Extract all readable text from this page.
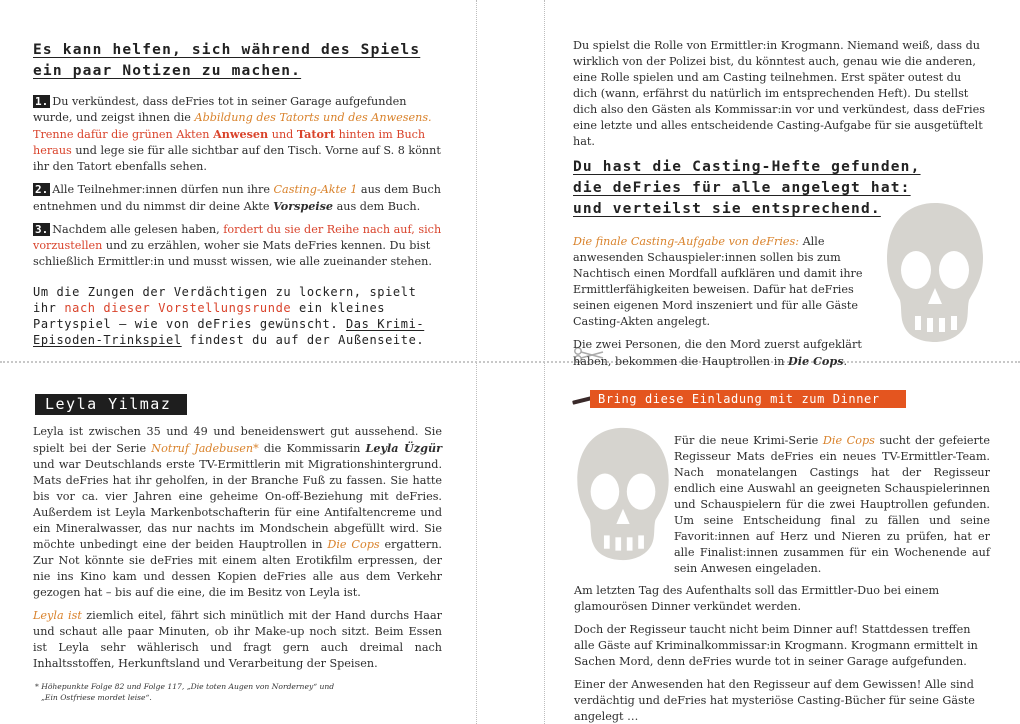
Es kann helfen, sich während des Spiels
ein paar Notizen zu machen.

1. Du verkündest, dass deFries tot in seiner Garage aufgefunden wurde, und zeigst ihnen die Abbildung des Tatorts und des Anwesens. Trenne dafür die grünen Akten Anwesen und Tatort hinten im Buch heraus und lege sie für alle sichtbar auf den Tisch. Vorne auf S. 8 könnt ihr den Tatort ebenfalls sehen.

2. Alle Teilnehmer:innen dürfen nun ihre Casting-Akte 1 aus dem Buch entnehmen und du nimmst dir deine Akte Vorspeise aus dem Buch.

3. Nachdem alle gelesen haben, fordert du sie der Reihe nach auf, sich vorzustellen und zu erzählen, woher sie Mats deFries kennen. Du bist schließlich Ermittler:in und musst wissen, wie alle zueinander stehen.

Um die Zungen der Verdächtigen zu lockern, spielt ihr nach dieser Vorstellungsrunde ein kleines Partyspiel – wie von deFries gewünscht. Das Krimi-Episoden-Trinkspiel findest du auf der Außenseite.

Du spielst die Rolle von Ermittler:in Krogmann. Niemand weiß, dass du wirklich von der Polizei bist, du könntest auch, genau wie die anderen, eine Rolle spielen und am Casting teilnehmen. Erst später outest du dich (wann, erfährst du natürlich im entsprechenden Heft). Du stellst dich also den Gästen als Kommissar:in vor und verkündest, dass deFries eine letzte und alles entscheidende Casting-Aufgabe für sie ausgetüftelt hat.

Du hast die Casting-Hefte gefunden,
die deFries für alle angelegt hat:
und verteilst sie entsprechend.

Die finale Casting-Aufgabe von deFries: Alle anwesenden Schauspieler:innen sollen bis zum Nachtisch einen Mordfall aufklären und damit ihre Ermittlerfähigkeiten beweisen. Dafür hat deFries seinen eigenen Mord inszeniert und für alle Gäste Casting-Akten angelegt.

Die zwei Personen, die den Mord zuerst aufgeklärt haben, bekommen die Hauptrollen in Die Cops.

Leyla Yilmaz

Leyla ist zwischen 35 und 49 und beneidenswert gut aussehend. Sie spielt bei der Serie Notruf Jadebusen* die Kommissarin Leyla Üzgür und war Deutschlands erste TV-Ermittlerin mit Migrationshintergrund. Mats deFries hat ihr geholfen, in der Branche Fuß zu fassen. Sie hatte bis vor ca. vier Jahren eine geheime On-off-Beziehung mit deFries. Außerdem ist Leyla Markenbotschafterin für eine Antifaltencreme und ein Mineralwasser, das nur nachts im Mondschein abgefüllt wird. Sie möchte unbedingt eine der beiden Hauptrollen in Die Cops ergattern. Zur Not könnte sie deFries mit einem alten Erotikfilm erpressen, der nie ins Kino kam und dessen Kopien deFries alle aus dem Verkehr gezogen hat – bis auf die eine, die im Besitz von Leyla ist.

Leyla ist ziemlich eitel, fährt sich minütlich mit der Hand durchs Haar und schaut alle paar Minuten, ob ihr Make-up noch sitzt. Beim Essen ist Leyla sehr wählerisch und fragt gern auch dreimal nach Inhaltsstoffen, Herkunftsland und Verarbeitung der Speisen.

* Höhepunkte Folge 82 und Folge 117, „Die toten Augen von Norderney“ und
„Ein Ostfriese mordet leise“.
Bring diese Einladung mit zum Dinner

Für die neue Krimi-Serie Die Cops sucht der gefeierte Regisseur Mats deFries ein neues TV-Ermittler-Team. Nach monatelangen Castings hat der Regisseur endlich eine Auswahl an geeigneten Schauspielerinnen und Schauspielern für die zwei Hauptrollen gefunden. Um seine Entscheidung final zu fällen und seine Favorit:innen auf Herz und Nieren zu prüfen, hat er alle Finalist:innen zusammen für ein Wochenende auf sein Anwesen eingeladen.

Am letzten Tag des Aufenthalts soll das Ermittler-Duo bei einem glamourösen Dinner verkündet werden.

Doch der Regisseur taucht nicht beim Dinner auf! Stattdessen treffen alle Gäste auf Kriminalkommissar:in Krogmann. Krogmann ermittelt in Sachen Mord, denn deFries wurde tot in seiner Garage aufgefunden.

Einer der Anwesenden hat den Regisseur auf dem Gewissen! Alle sind verdächtig und deFries hat mysteriöse Casting-Bücher für seine Gäste angelegt …
